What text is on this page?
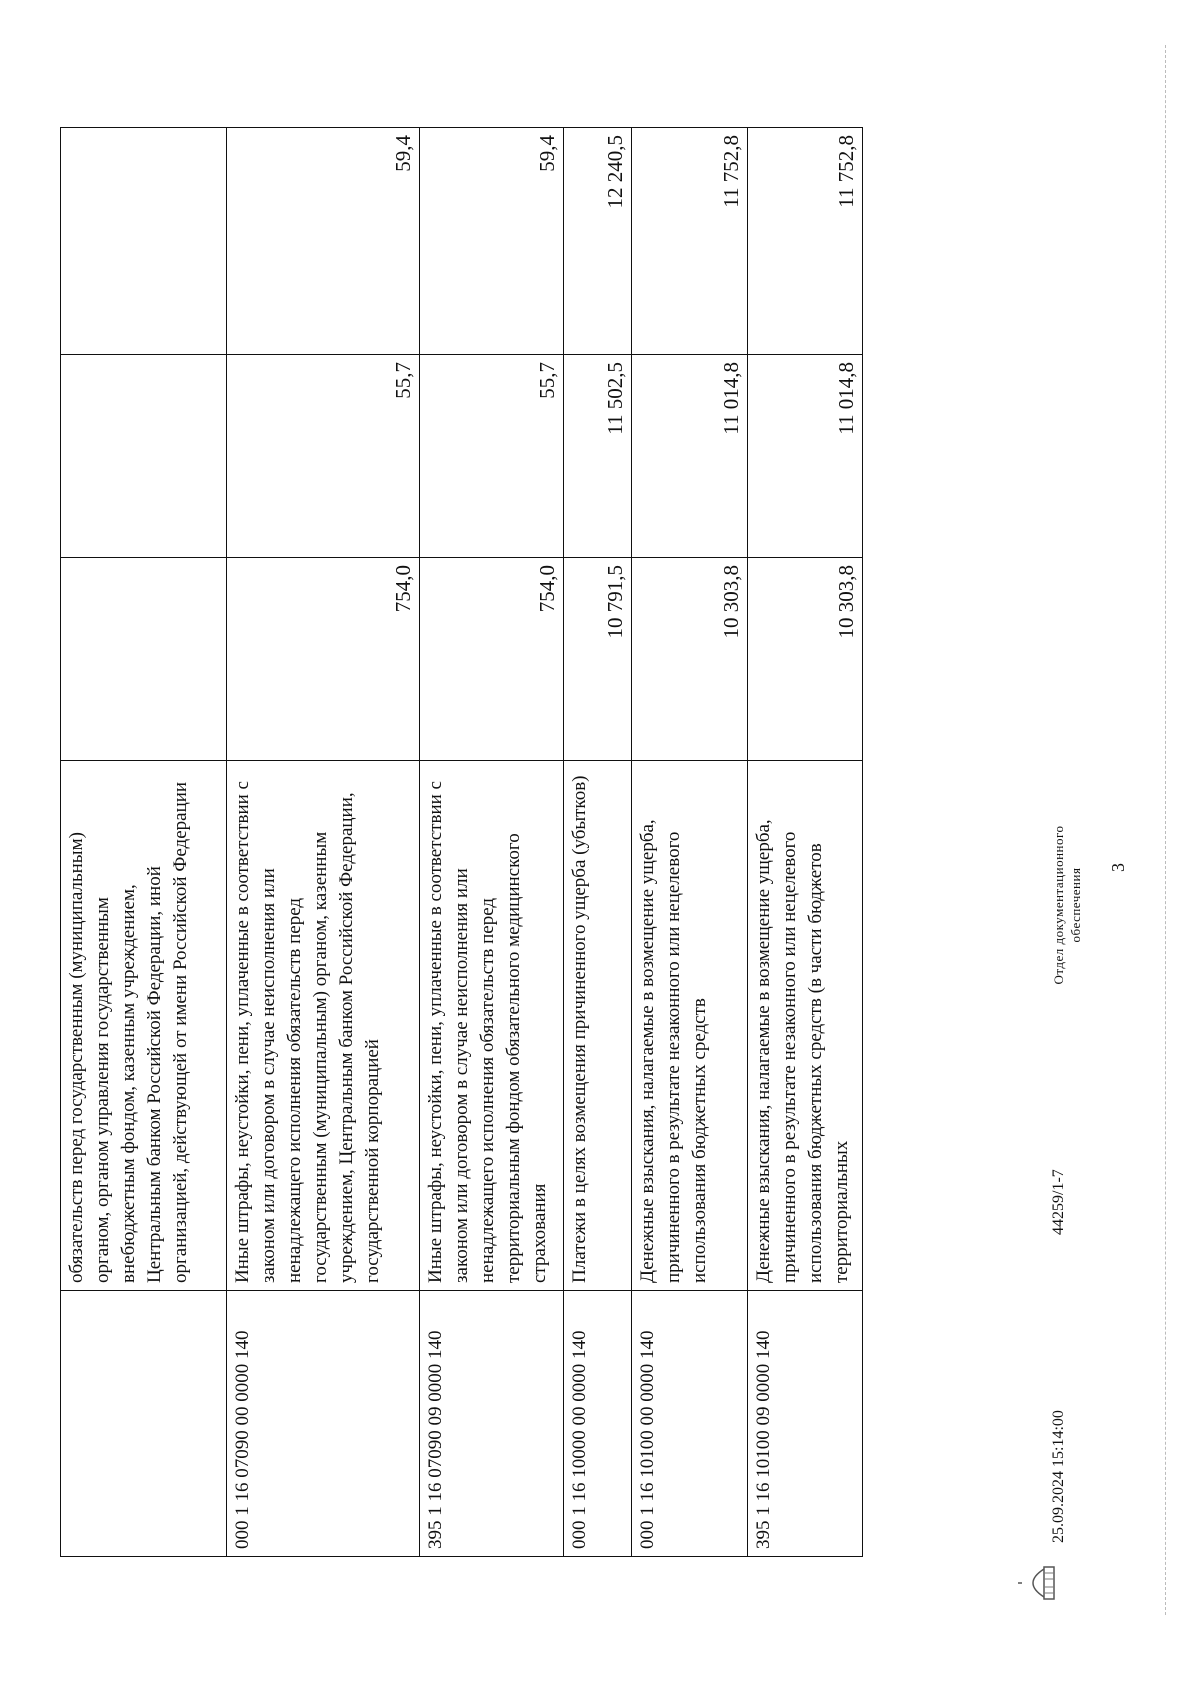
3
	обязательств перед государственным (муниципальным) органом, органом управления государственным внебюджетным фондом, казенным учреждением, Центральным банком Российской Федерации, иной организацией, действующей от имени Российской Федерации			
000 1 16 07090 00 0000 140	Иные штрафы, неустойки, пени, уплаченные в соответствии с законом или договором в случае неисполнения или ненадлежащего исполнения обязательств перед государственным (муниципальным) органом, казенным учреждением, Центральным банком Российской Федерации, государственной корпорацией	754,0	55,7	59,4
395 1 16 07090 09 0000 140	Иные штрафы, неустойки, пени, уплаченные в соответствии с законом или договором в случае неисполнения или ненадлежащего исполнения обязательств перед территориальным фондом обязательного медицинского страхования	754,0	55,7	59,4
000 1 16 10000 00 0000 140	Платежи в целях возмещения причиненного ущерба (убытков)	10 791,5	11 502,5	12 240,5
000 1 16 10100 00 0000 140	Денежные взыскания, налагаемые в возмещение ущерба, причиненного в результате незаконного или нецелевого использования бюджетных средств	10 303,8	11 014,8	11 752,8
395 1 16 10100 09 0000 140	Денежные взыскания, налагаемые в возмещение ущерба, причиненного в результате незаконного или нецелевого использования бюджетных средств (в части бюджетов территориальных	10 303,8	11 014,8	11 752,8
25.09.2024 15:14:00
44259/1-7
Отдел документационного обеспечения
